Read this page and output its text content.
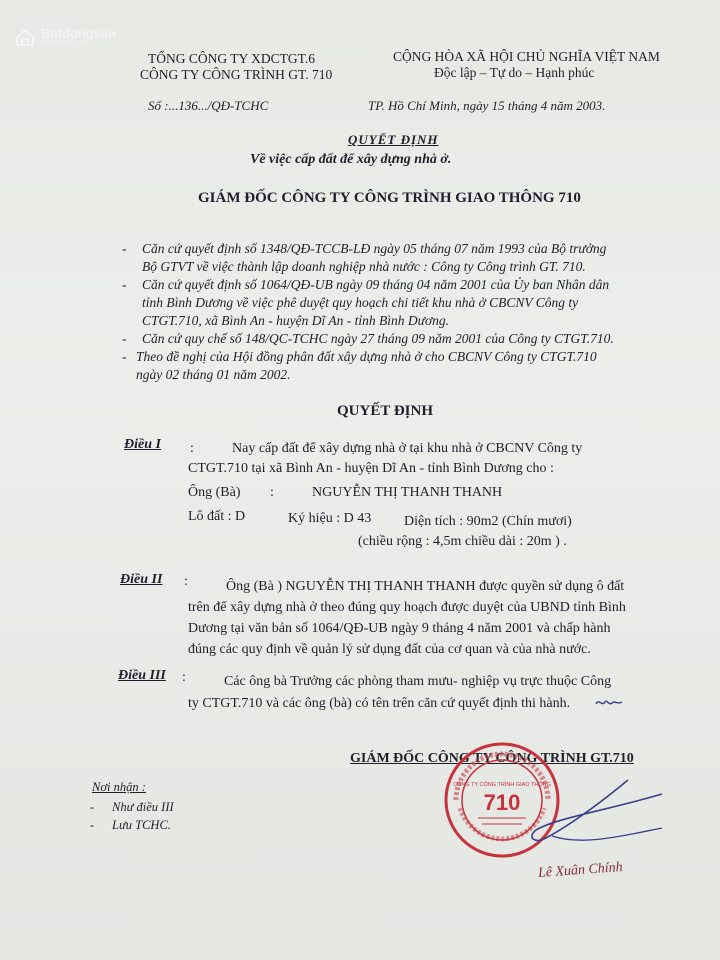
Batdongsan
by PropertyGuru
TỔNG CÔNG TY XDCTGT.6
CÔNG TY CÔNG TRÌNH GT. 710
CỘNG HÒA XÃ HỘI CHỦ NGHĨA VIỆT NAM
Độc lập – Tự do – Hạnh phúc
Số :...136.../QĐ-TCHC	TP. Hồ Chí Minh, ngày 15 tháng 4 năm 2003.
QUYẾT ĐỊNH
Về việc cấp đất để xây dựng nhà ở.
GIÁM ĐỐC CÔNG TY CÔNG TRÌNH GIAO THÔNG 710
- Căn cứ quyết định số 1348/QĐ-TCCB-LĐ ngày 05 tháng 07 năm 1993 của Bộ trưởng
Bộ GTVT về việc thành lập doanh nghiệp nhà nước : Công ty Công trình GT. 710.
- Căn cứ quyết định số 1064/QĐ-UB ngày 09 tháng 04 năm 2001 của Ủy ban Nhân dân
tỉnh Bình Dương về việc phê duyệt quy hoạch chi tiết khu nhà ở CBCNV Công ty
CTGT.710, xã Bình An - huyện Dĩ An - tỉnh Bình Dương.
- Căn cứ quy chế số 148/QC-TCHC ngày 27 tháng 09 năm 2001 của Công ty CTGT.710.
- Theo đề nghị của Hội đồng phân đất xây dựng nhà ở cho CBCNV Công ty CTGT.710
ngày 02 tháng 01 năm 2002.
QUYẾT ĐỊNH
Điều I :	Nay cấp đất để xây dựng nhà ở tại khu nhà ở CBCNV Công ty
CTGT.710 tại xã Bình An - huyện Dĩ An - tỉnh Bình Dương cho :
Ông (Bà) :	NGUYỄN THỊ THANH THANH
Lô đất : D	Ký hiệu : D 43 Diện tích : 90m2 (Chín mươi)
(chiều rộng : 4,5m chiều dài : 20m ) .
Điều II :	Ông (Bà ) NGUYỄN THỊ THANH THANH được quyền sử dụng ô đất
trên để xây dựng nhà ở theo đúng quy hoạch được duyệt của UBND tỉnh Bình
Dương tại văn bản số 1064/QĐ-UB ngày 9 tháng 4 năm 2001 và chấp hành
đúng các quy định về quản lý sử dụng đất của cơ quan và của nhà nước.
Điều III :	Các ông bà Trưởng các phòng tham mưu- nghiệp vụ trực thuộc Công
ty CTGT.710 và các ông (bà) có tên trên căn cứ quyết định thi hành.
GIÁM ĐỐC CÔNG TY CÔNG TRÌNH GT.710
CÔNG TY CÔNG TRÌNH GIAO THÔNG
710
Lê Xuân Chính
Nơi nhận :
- Như điều III
- Lưu TCHC.
